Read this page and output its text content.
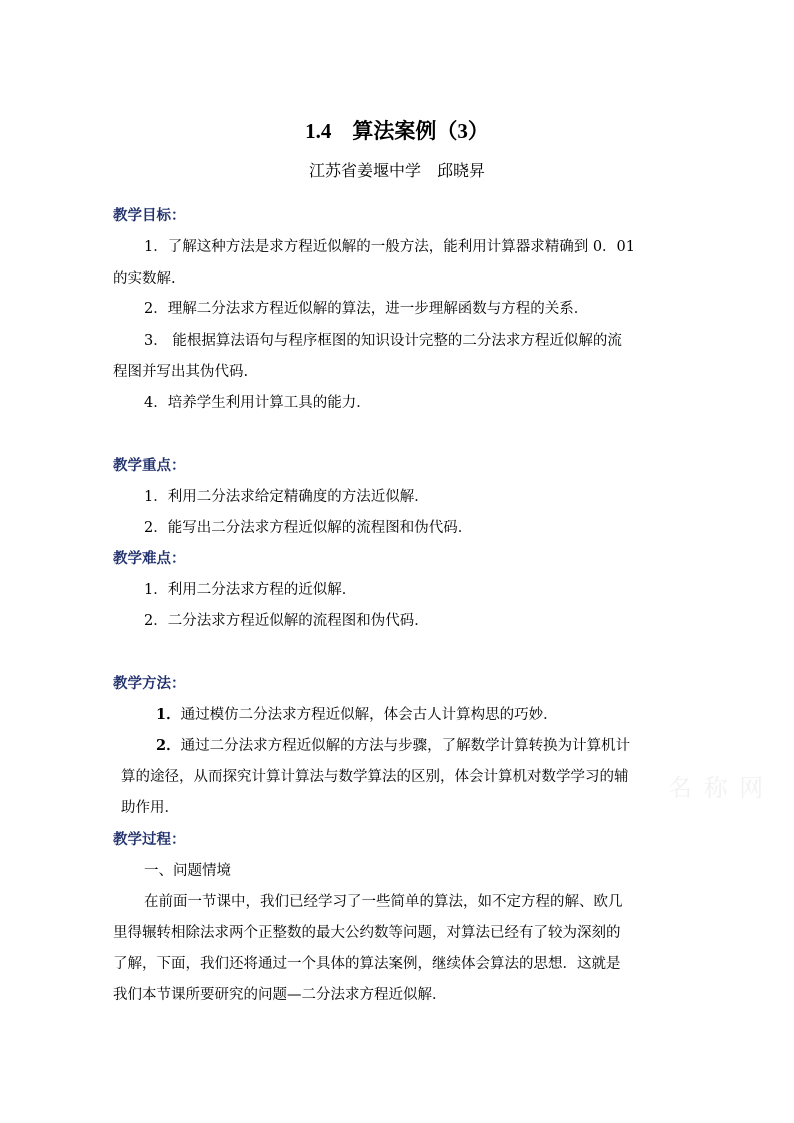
1.4　算法案例（3）
江苏省姜堰中学　邱晓昇
教学目标：
1．了解这种方法是求方程近似解的一般方法，能利用计算器求精确到 0．01
的实数解.
2．理解二分法求方程近似解的算法，进一步理解函数与方程的关系．
3． 能根据算法语句与程序框图的知识设计完整的二分法求方程近似解的流
程图并写出其伪代码.
4．培养学生利用计算工具的能力．
教学重点：
1．利用二分法求给定精确度的方法近似解．
2．能写出二分法求方程近似解的流程图和伪代码．
教学难点：
1．利用二分法求方程的近似解．
2．二分法求方程近似解的流程图和伪代码．
教学方法：
1．通过模仿二分法求方程近似解，体会古人计算构思的巧妙．
2．通过二分法求方程近似解的方法与步骤，了解数学计算转换为计算机计
算的途径，从而探究计算计算法与数学算法的区别，体会计算机对数学学习的辅
助作用．
名 称 网
教学过程：
一、问题情境
在前面一节课中，我们已经学习了一些简单的算法，如不定方程的解、欧几
里得辗转相除法求两个正整数的最大公约数等问题，对算法已经有了较为深刻的
了解，下面，我们还将通过一个具体的算法案例，继续体会算法的思想．这就是
我们本节课所要研究的问题—二分法求方程近似解．
